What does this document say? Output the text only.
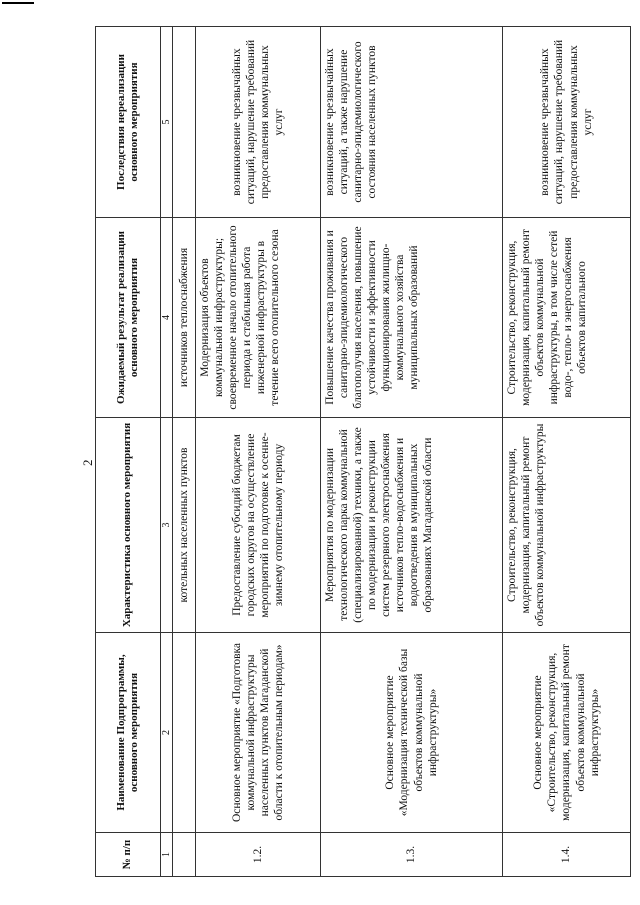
2
№ п/п	Наименование Подпрограммы, основного мероприятия	Характеристика основного мероприятия	Ожидаемый результат реализации основного мероприятия	Последствия нереализации основного мероприятия
1	2	3	4	5
		котельных населенных пунктов	источников теплоснабжения	
1.2.	Основное мероприятие «Подготовка коммунальной инфраструктуры населенных пунктов Магаданской области к отопительным периодам»	Предоставление субсидий бюджетам городских округов на осуществление мероприятий по подготовке к осенне-зимнему отопительному периоду	Модернизация объектов коммунальной инфраструктуры; своевременное начало отопительного периода и стабильная работа инженерной инфраструктуры в течение всего отопительного сезона	возникновение чрезвычайных ситуаций, нарушение требований предоставления коммунальных услуг
1.3.	Основное мероприятие «Модернизация технической базы объектов коммунальной инфраструктуры»	Мероприятия по модернизации технологического парка коммунальной (специализированной) техники, а также по модернизации и реконструкции систем резервного электроснабжения источников тепло-водоснабжения и водоотведения в муниципальных образованиях Магаданской области	Повышение качества проживания и санитарно-эпидемиологического благополучия населения, повышение устойчивости и эффективности функционирования жилищно-коммунального хозяйства муниципальных образований	возникновение чрезвычайных ситуаций, а также нарушение санитарно-эпидемиологического состояния населенных пунктов
1.4.	Основное мероприятие «Строительство, реконструкция, модернизация, капитальный ремонт объектов коммунальной инфраструктуры»	Строительство, реконструкция, модернизация, капитальный ремонт объектов коммунальной инфраструктуры	Строительство, реконструкция, модернизация, капитальный ремонт объектов коммунальной инфраструктуры, в том числе сетей водо-, тепло- и энергоснабжения объектов капитального	возникновение чрезвычайных ситуаций, нарушение требований предоставления коммунальных услуг
